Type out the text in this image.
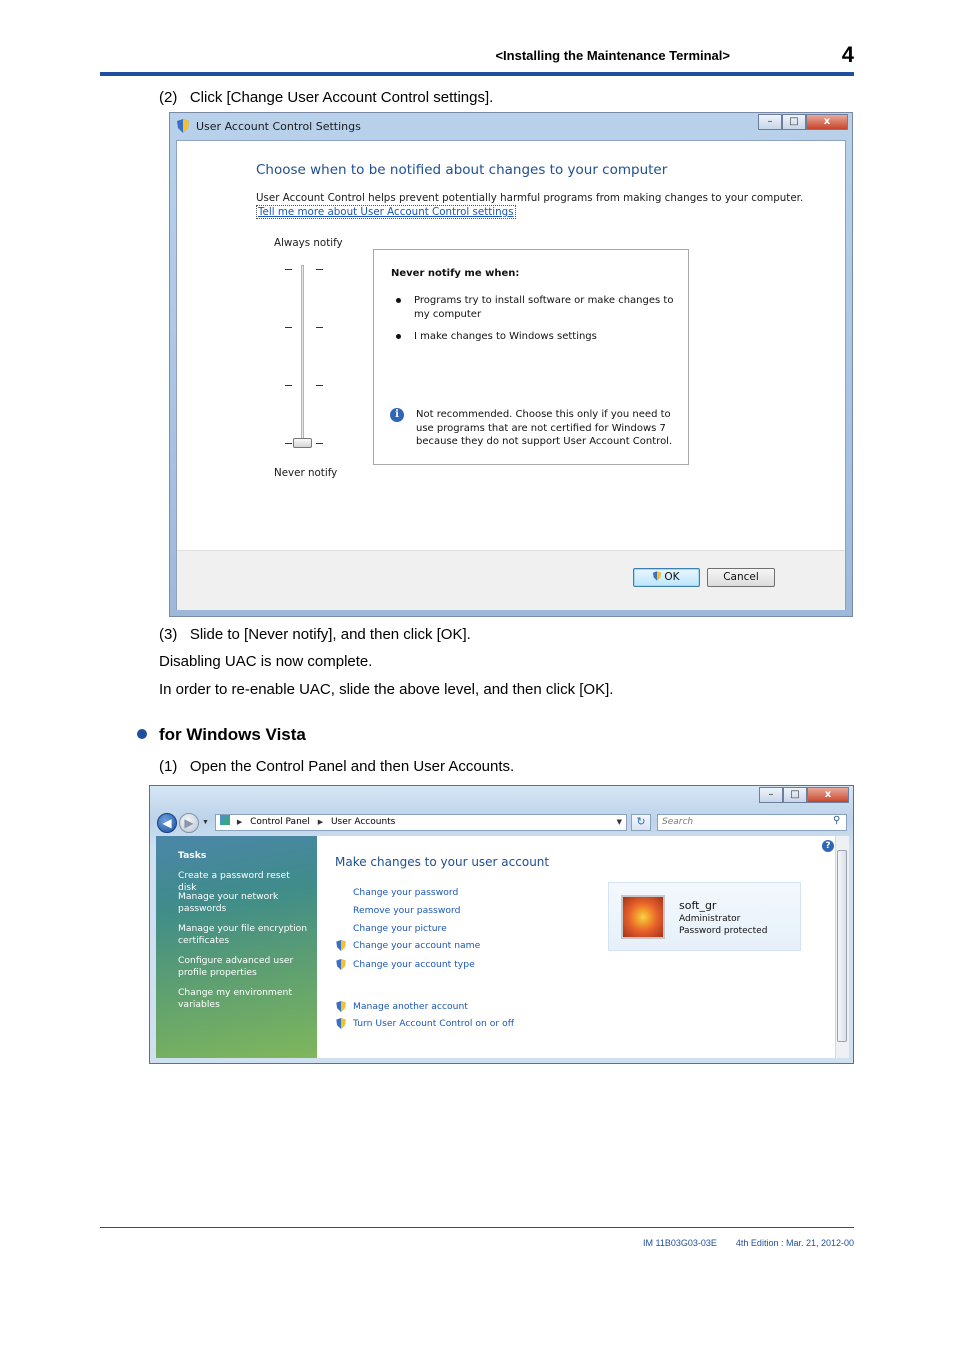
<Installing the Maintenance Terminal>	4
(2)   Click [Change User Account Control settings].
User Account Control Settings	–	□	x
Choose when to be notified about changes to your computer
User Account Control helps prevent potentially harmful programs from making changes to your computer.
Tell me more about User Account Control settings
Always notify
Never notify
Never notify me when:
Programs try to install software or make changes to my computer
I make changes to Windows settings
i	Not recommended. Choose this only if you need to use programs that are not certified for Windows 7 because they do not support User Account Control.
OK	Cancel
(3)   Slide to [Never notify], and then click [OK].
Disabling UAC is now complete.
In order to re-enable UAC, slide the above level, and then click [OK].
for Windows Vista
(1)   Open the Control Panel and then User Accounts.
–	□	x
◀	▶	▼	▶ Control Panel ▶ User Accounts	▼	↻	Search	⚲
Tasks
Create a password reset disk
Manage your network passwords
Manage your file encryption certificates
Configure advanced user profile properties
Change my environment variables
Make changes to your user account
Change your password
Remove your password
Change your picture
Change your account name
Change your account type
Manage another account
Turn User Account Control on or off
soft_gr
Administrator
Password protected
?
IM 11B03G03-03E 4th Edition : Mar. 21, 2012-00
